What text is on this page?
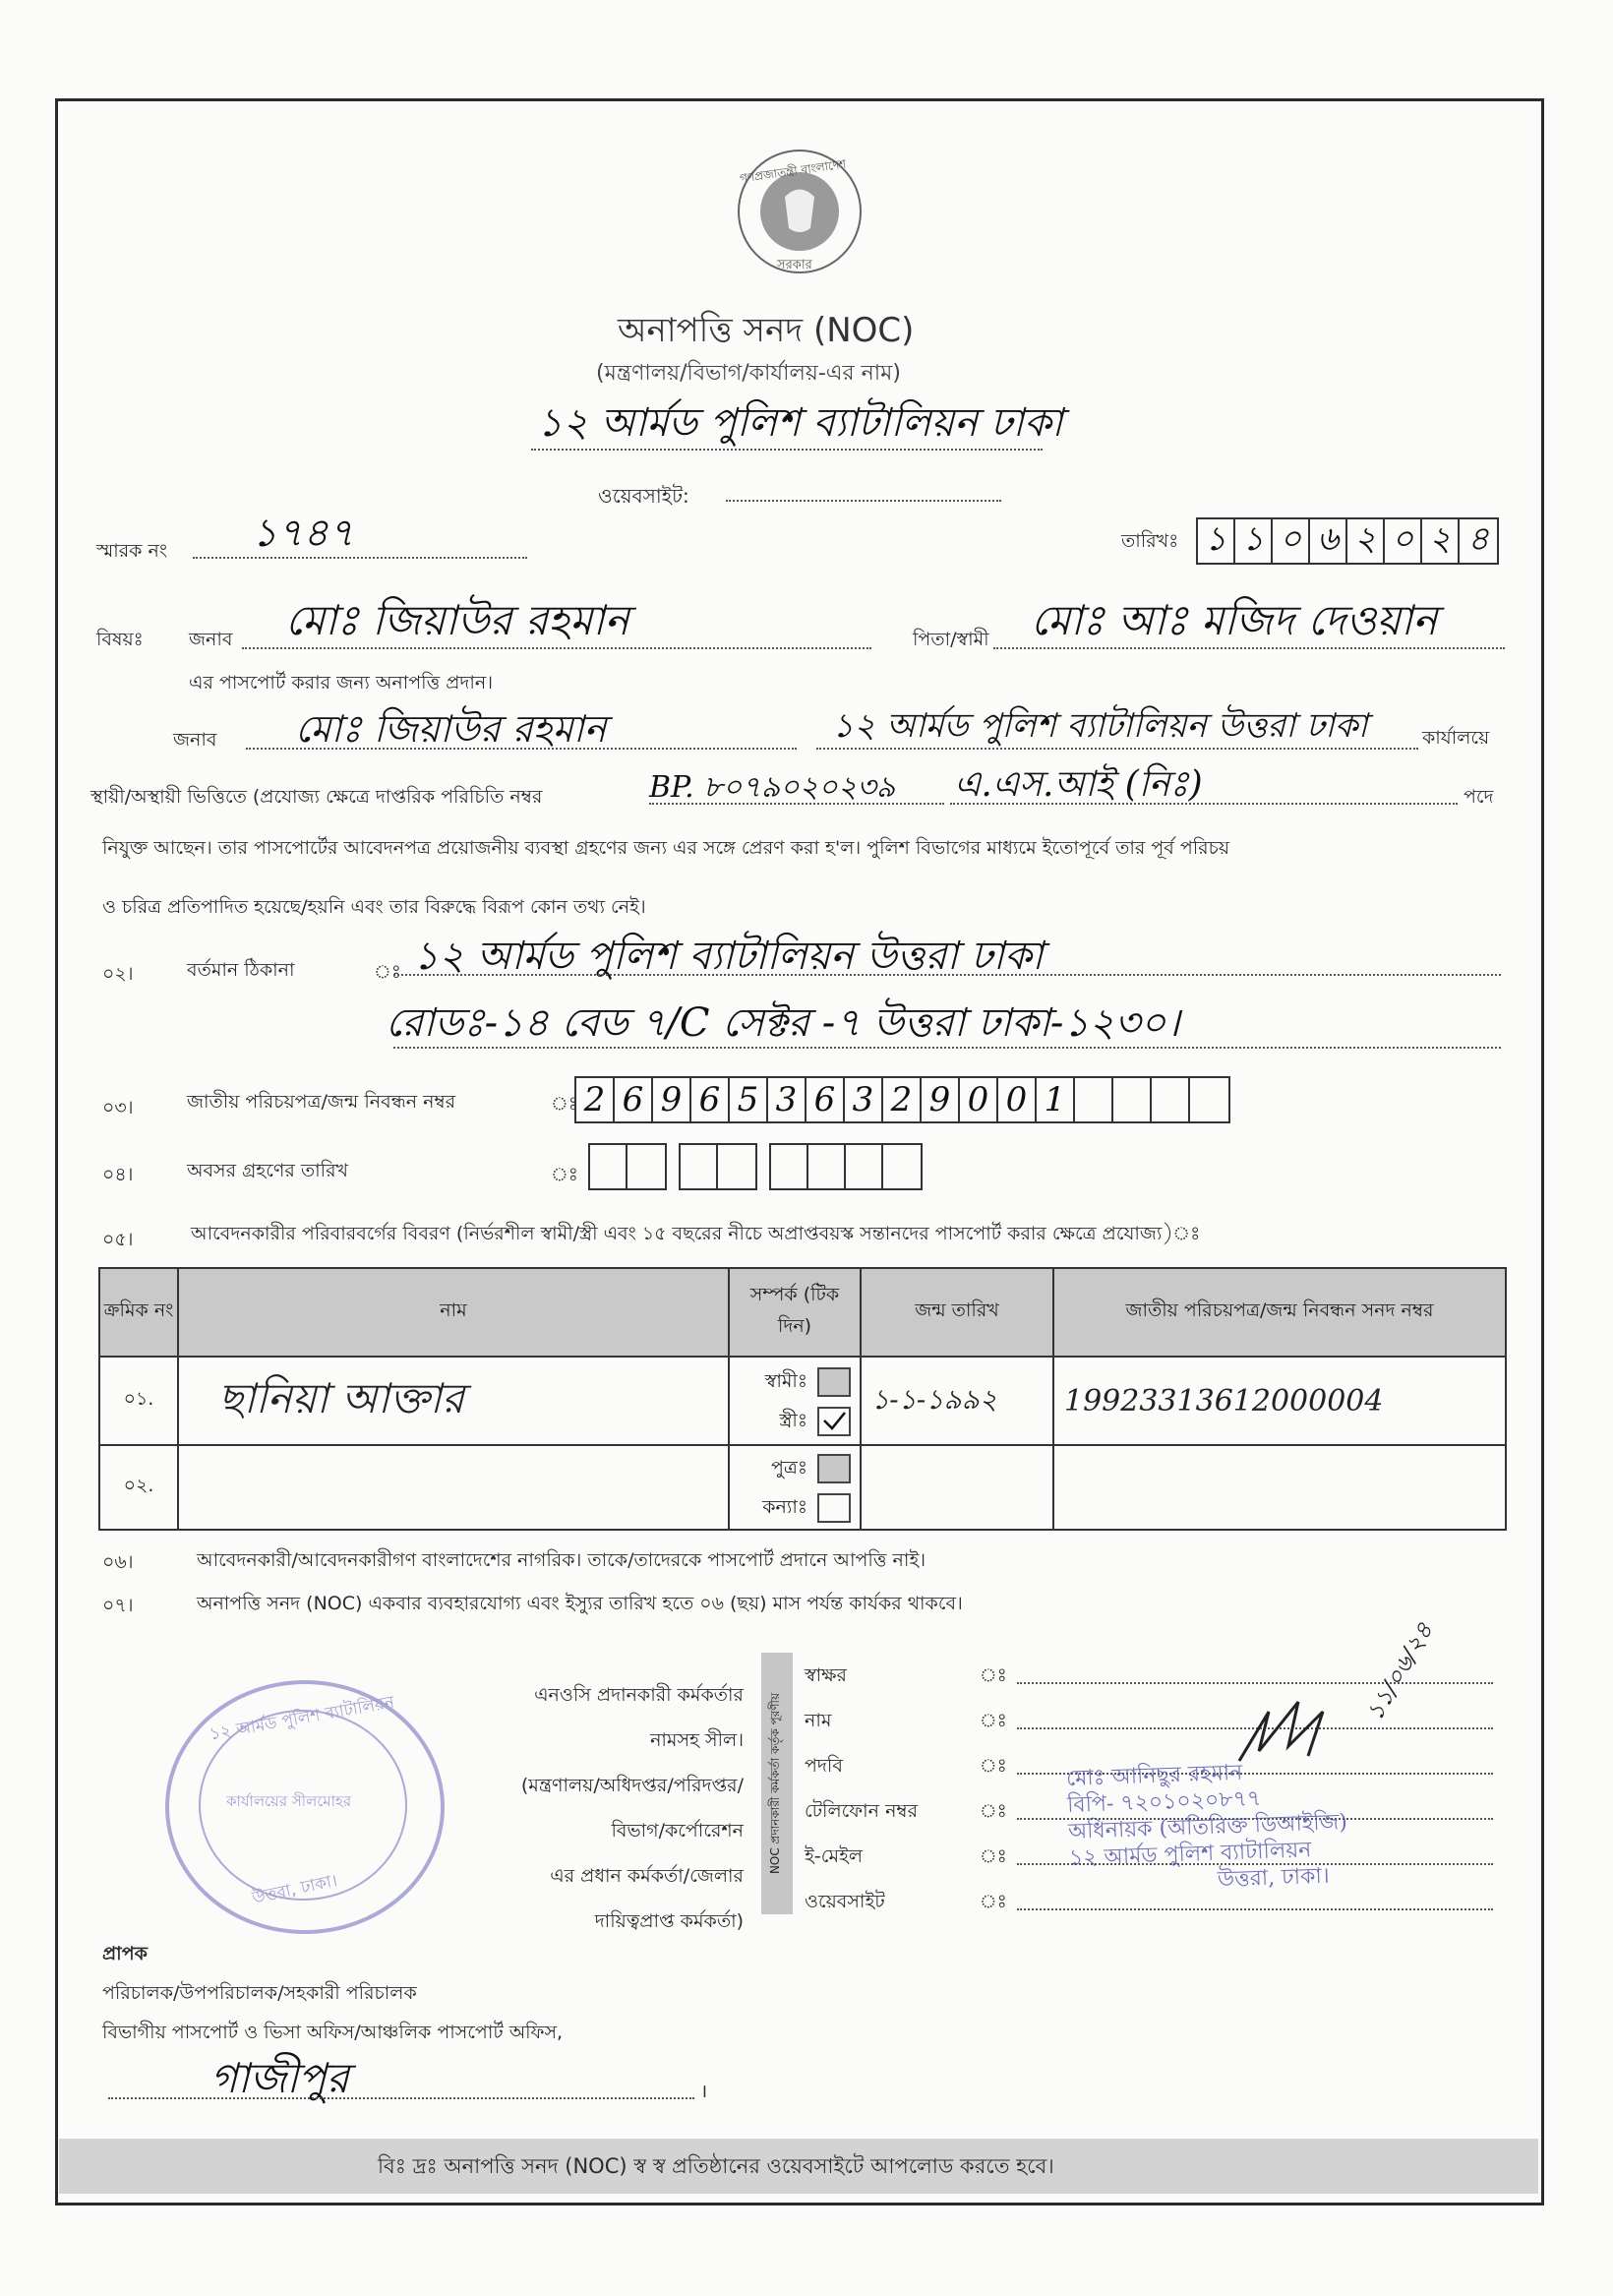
গণপ্রজাতন্ত্রী বাংলাদেশ
সরকার
অনাপত্তি সনদ (NOC)
(মন্ত্রণালয়/বিভাগ/কার্যালয়-এর নাম)
১২ আর্মড পুলিশ ব্যাটালিয়ন ঢাকা
ওয়েবসাইট:
স্মারক নং ১৭৪৭	তারিখঃ ১ ১ ০ ৬ ২ ০ ২ ৪
বিষয়ঃ জনাব মোঃ জিয়াউর রহমান	পিতা/স্বামী মোঃ আঃ মজিদ দেওয়ান
এর পাসপোর্ট করার জন্য অনাপত্তি প্রদান।
জনাব মোঃ জিয়াউর রহমান	১২ আর্মড পুলিশ ব্যাটালিয়ন উত্তরা ঢাকা	কার্যালয়ে
স্থায়ী/অস্থায়ী ভিত্তিতে (প্রযোজ্য ক্ষেত্রে দাপ্তরিক পরিচিতি নম্বর	BP. ৮০৭৯০২০২৩৯ এ.এস.আই (নিঃ)	পদে
নিযুক্ত আছেন। তার পাসপোর্টের আবেদনপত্র প্রয়োজনীয় ব্যবস্থা গ্রহণের জন্য এর সঙ্গে প্রেরণ করা হ'ল। পুলিশ বিভাগের মাধ্যমে ইতোপূর্বে তার পূর্ব পরিচয়
ও চরিত্র প্রতিপাদিত হয়েছে/হয়নি এবং তার বিরুদ্ধে বিরূপ কোন তথ্য নেই।
০২।	বর্তমান ঠিকানা	ঃ ১২ আর্মড পুলিশ ব্যাটালিয়ন উত্তরা ঢাকা
রোডঃ-১৪ বেড ৭/C সেক্টর -৭ উত্তরা ঢাকা-১২৩০।
০৩।	জাতীয় পরিচয়পত্র/জন্ম নিবন্ধন নম্বর	ঃ 2 6 9 6 5 3 6 3 2 9 0 0 1
০৪।	অবসর গ্রহণের তারিখ	ঃ
০৫।	আবেদনকারীর পরিবারবর্গের বিবরণ (নির্ভরশীল স্বামী/স্ত্রী এবং ১৫ বছরের নীচে অপ্রাপ্তবয়স্ক সন্তানদের পাসপোর্ট করার ক্ষেত্রে প্রযোজ্য)ঃ
ক্রমিক নং	নাম	সম্পর্ক (টিক দিন)	জন্ম তারিখ	জাতীয় পরিচয়পত্র/জন্ম নিবন্ধন সনদ নম্বর
০১.	ছানিয়া আক্তার	স্বামীঃ
স্ত্রীঃ	১-১-১৯৯২	19923313612000004
০২.		পুত্রঃ
কন্যাঃ		

০৬।	আবেদনকারী/আবেদনকারীগণ বাংলাদেশের নাগরিক। তাকে/তাদেরকে পাসপোর্ট প্রদানে আপত্তি নাই।
০৭।	অনাপত্তি সনদ (NOC) একবার ব্যবহারযোগ্য এবং ইস্যুর তারিখ হতে ০৬ (ছয়) মাস পর্যন্ত কার্যকর থাকবে।
এনওসি প্রদানকারী কর্মকর্তার
নামসহ সীল।
(মন্ত্রণালয়/অধিদপ্তর/পরিদপ্তর/
বিভাগ/কর্পোরেশন
এর প্রধান কর্মকর্তা/জেলার
দায়িত্বপ্রাপ্ত কর্মকর্তা)
NOC প্রদানকারী কর্মকর্তা কর্তৃক পূরণীয়
স্বাক্ষর	ঃ
নাম	ঃ
পদবি	ঃ
টেলিফোন নম্বর	ঃ
ই-মেইল	ঃ
ওয়েবসাইট	ঃ
১১/০৬/২৪
মোঃ আনিছুর রহমান
বিপি- ৭২০১০২০৮৭৭
অধিনায়ক (অতিরিক্ত ডিআইজি)
১২ আর্মড পুলিশ ব্যাটালিয়ন
উত্তরা, ঢাকা।
১২ আর্মড পুলিশ ব্যাটালিয়ন
কার্যালয়ের সীলমোহর
উত্তরা, ঢাকা।
প্রাপক
পরিচালক/উপপরিচালক/সহকারী পরিচালক
বিভাগীয় পাসপোর্ট ও ভিসা অফিস/আঞ্চলিক পাসপোর্ট অফিস,
গাজীপুর	।
বিঃ দ্রঃ অনাপত্তি সনদ (NOC) স্ব স্ব প্রতিষ্ঠানের ওয়েবসাইটে আপলোড করতে হবে।
